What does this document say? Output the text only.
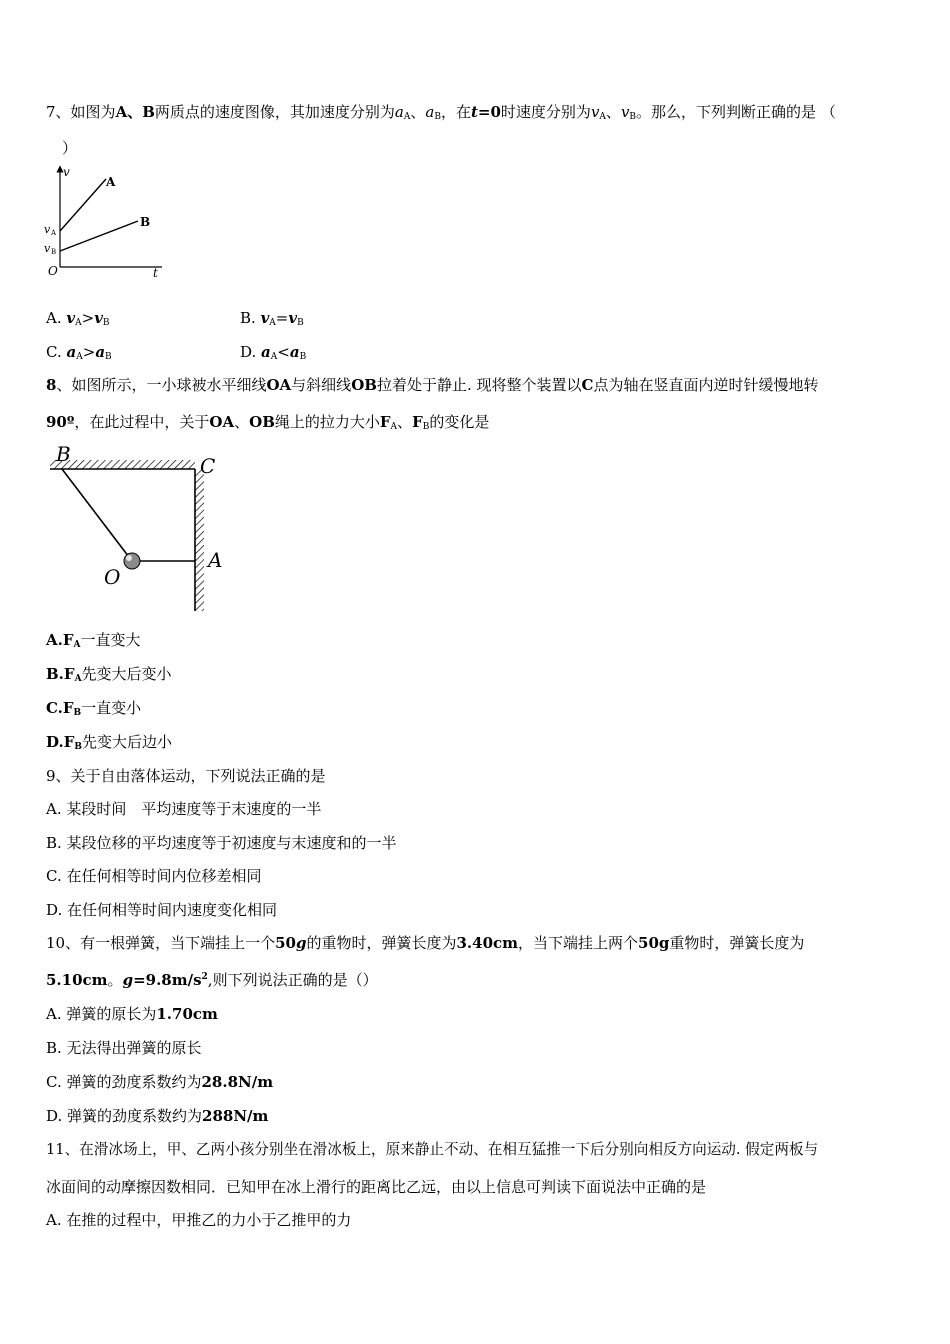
7、如图为A、B两质点的速度图像，其加速度分别为$a_A$、$a_B$，在t=0时速度分别为$v_A$、$v_B$。那么，下列判断正确的是 （
）
v
A
B
v A
v B
O	t
A. $v_A>v_B$	B. $v_A=v_B$
C. $a_A>a_B$	D. $a_A<a_B$
8、如图所示，一小球被水平细线OA与斜细线OB拉着处于静止. 现将整个装置以C点为轴在竖直面内逆时针缓慢地转
90º，在此过程中，关于OA、OB绳上的拉力大小$F_A$、$F_B$的变化是
B	C
O
A
$A.F_A$一直变大
$B.F_A$先变大后变小
$C.F_B$一直变小
$D.F_B$先变大后边小
9、关于自由落体运动，下列说法正确的是
A. 某段时间　平均速度等于末速度的一半
B. 某段位移的平均速度等于初速度与末速度和的一半
C. 在任何相等时间内位移差相同
D. 在任何相等时间内速度变化相同
10、有一根弹簧，当下端挂上一个50g的重物时，弹簧长度为3.40cm，当下端挂上两个50g重物时，弹簧长度为
5.10cm。$g=9.8m/s^2$,则下列说法正确的是（）
A. 弹簧的原长为1.70cm
B. 无法得出弹簧的原长
C. 弹簧的劲度系数约为28.8N/m
D. 弹簧的劲度系数约为288N/m
11、在滑冰场上，甲、乙两小孩分别坐在滑冰板上，原来静止不动、在相互猛推一下后分别向相反方向运动. 假定两板与
冰面间的动摩擦因数相同．已知甲在冰上滑行的距离比乙远，由以上信息可判读下面说法中正确的是
A. 在推的过程中，甲推乙的力小于乙推甲的力
